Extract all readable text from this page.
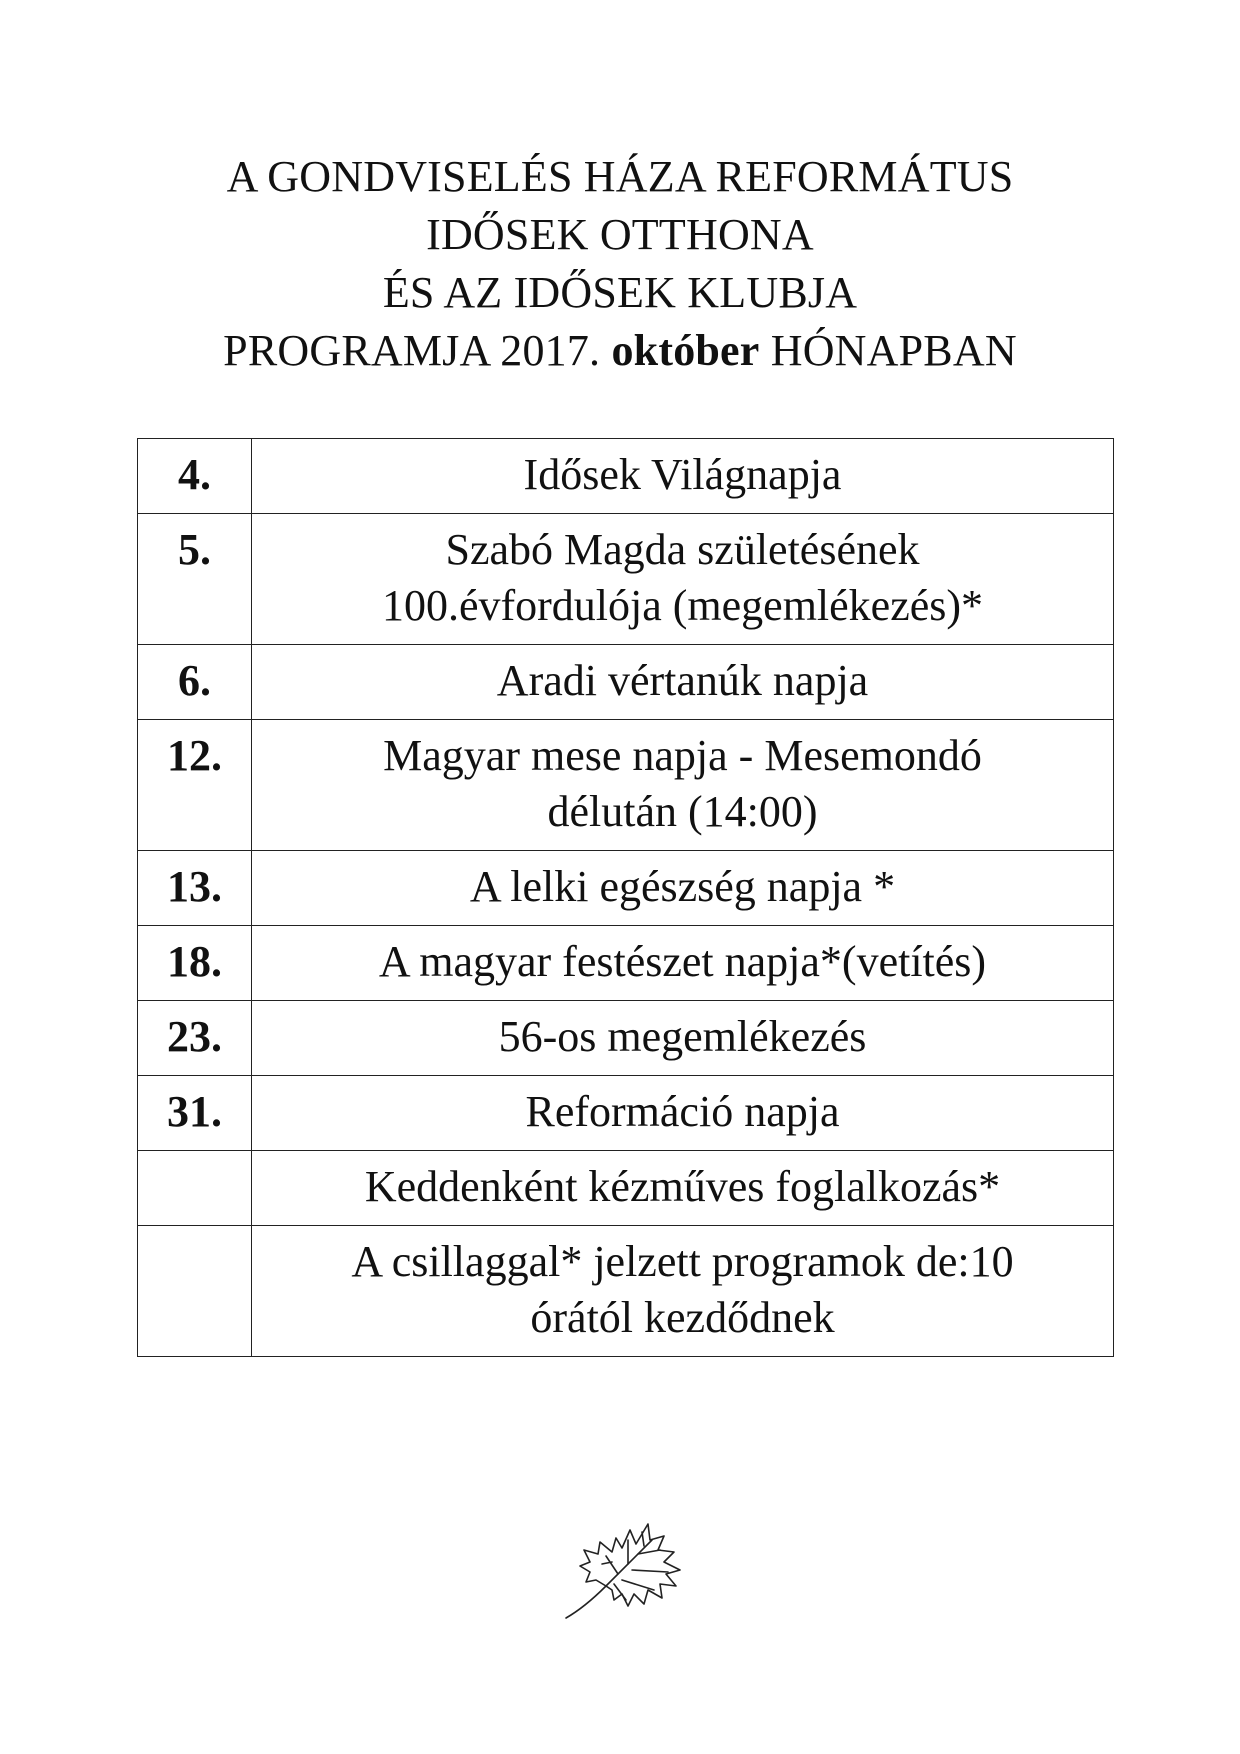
A GONDVISELÉS HÁZA REFORMÁTUS
IDŐSEK OTTHONA
ÉS AZ IDŐSEK KLUBJA
PROGRAMJA 2017. október HÓNAPBAN
4.	Idősek Világnapja

5.	Szabó Magda születésének
100.évfordulója (megemlékezés)*

6.	Aradi vértanúk napja

12.	Magyar mese napja - Mesemondó
délután (14:00)

13.	A lelki egészség napja *

18.	A magyar festészet napja*(vetítés)

23.	56-os megemlékezés

31.	Reformáció napja

	Keddenként kézműves foglalkozás*

	A csillaggal* jelzett programok de:10
órától kezdődnek
